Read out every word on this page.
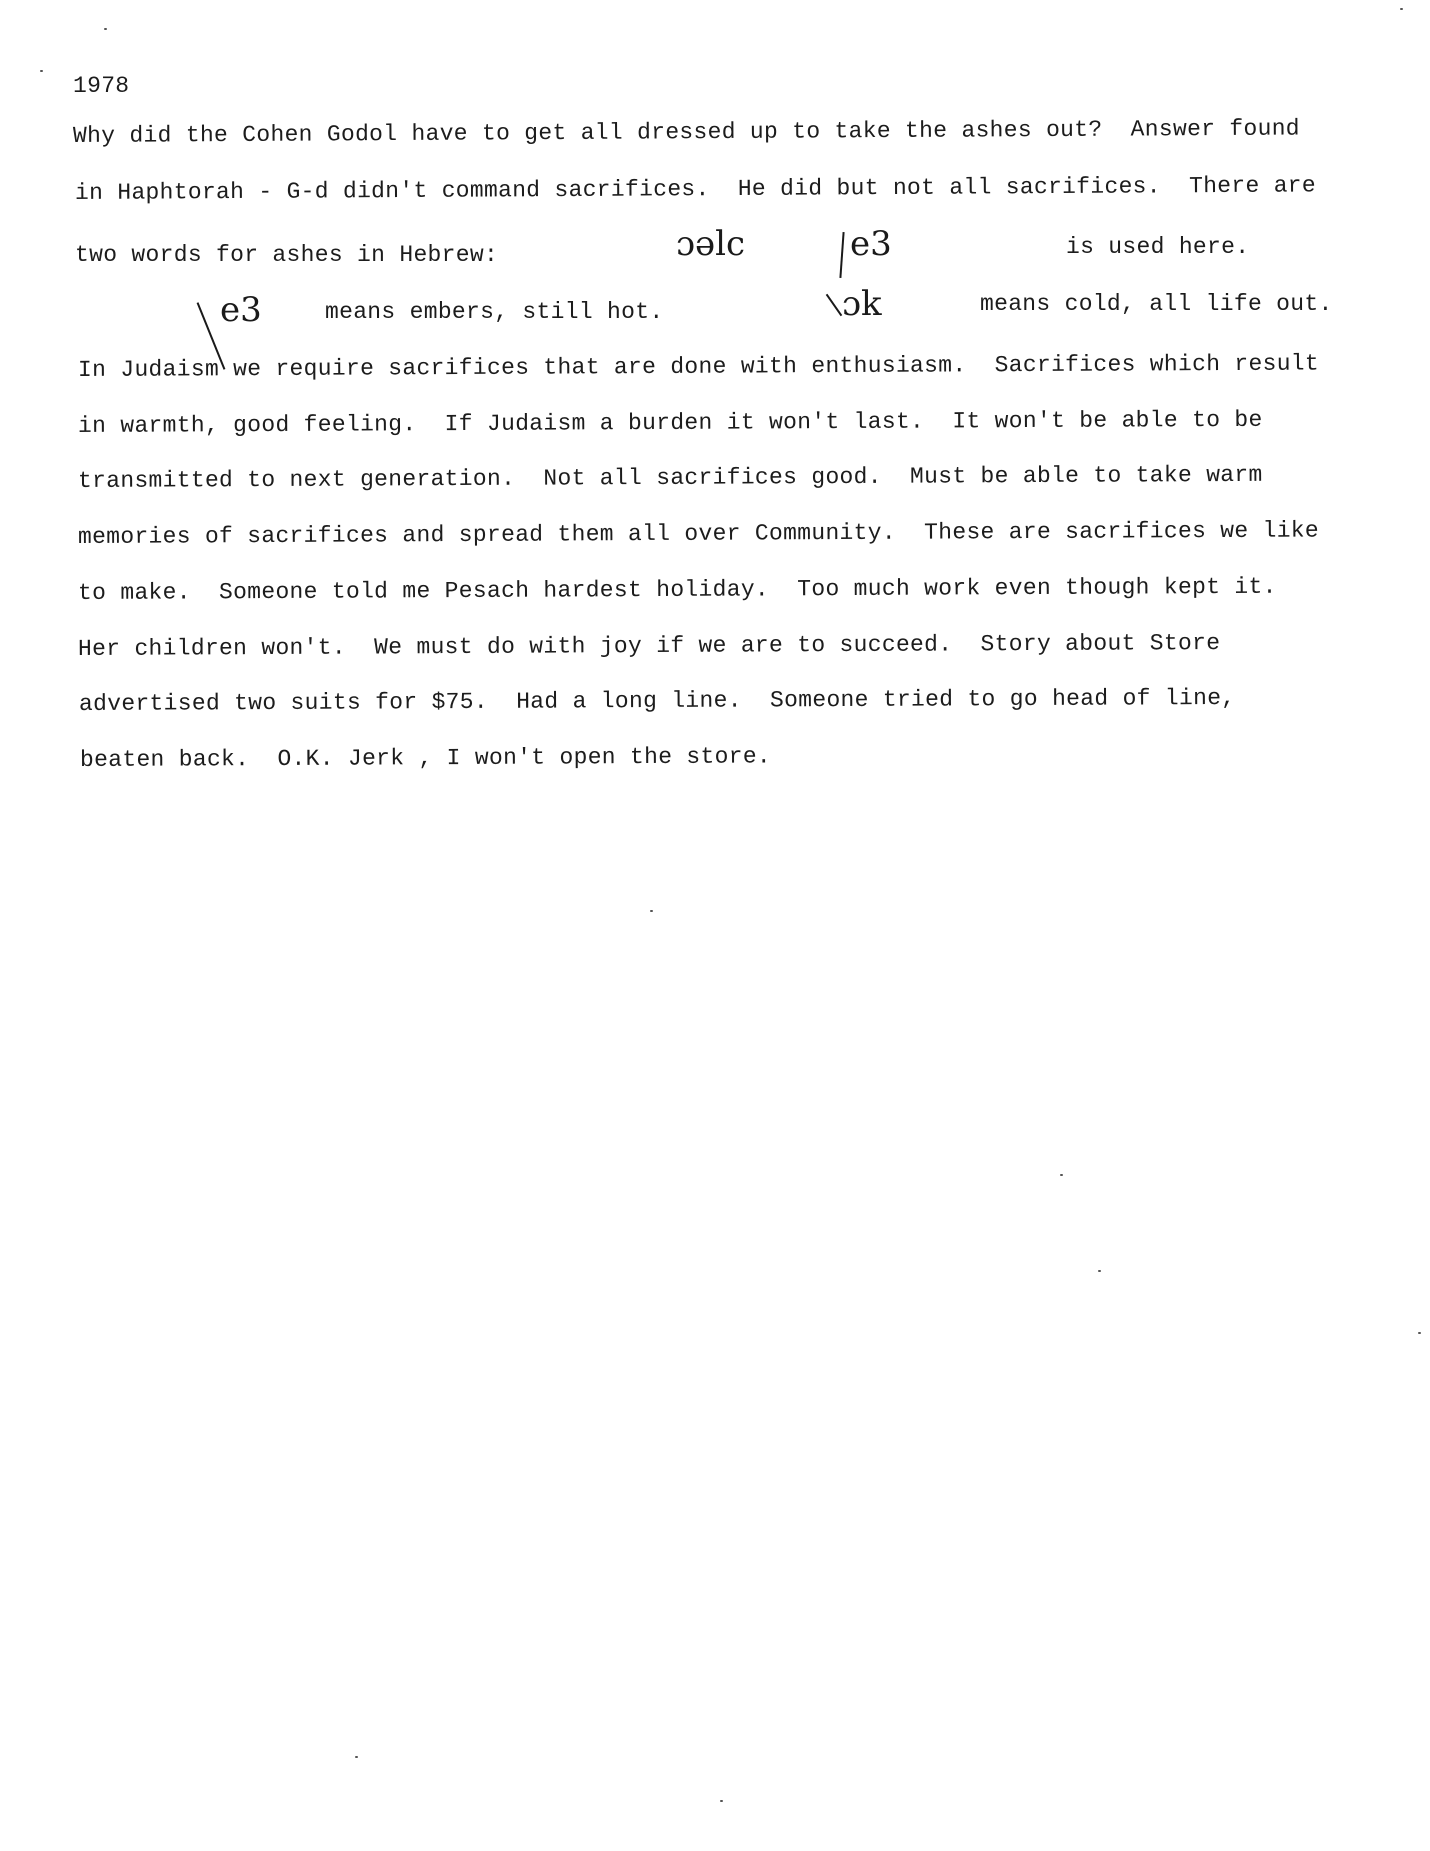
1978
Why did the Cohen Godol have to get all dressed up to take the ashes out?  Answer found
in Haphtorah - G-d didn't command sacrifices.  He did but not all sacrifices.  There are
two words for ashes in Hebrew:	ɔəlc	e3	is used here.
e3	means embers, still hot.	ɔk	means cold, all life out.
In Judaism we require sacrifices that are done with enthusiasm.  Sacrifices which result
in warmth, good feeling.  If Judaism a burden it won't last.  It won't be able to be
transmitted to next generation.  Not all sacrifices good.  Must be able to take warm
memories of sacrifices and spread them all over Community.  These are sacrifices we like
to make.  Someone told me Pesach hardest holiday.  Too much work even though kept it.
Her children won't.  We must do with joy if we are to succeed.  Story about Store
advertised two suits for $75.  Had a long line.  Someone tried to go head of line,
beaten back.  O.K. Jerk , I won't open the store.
